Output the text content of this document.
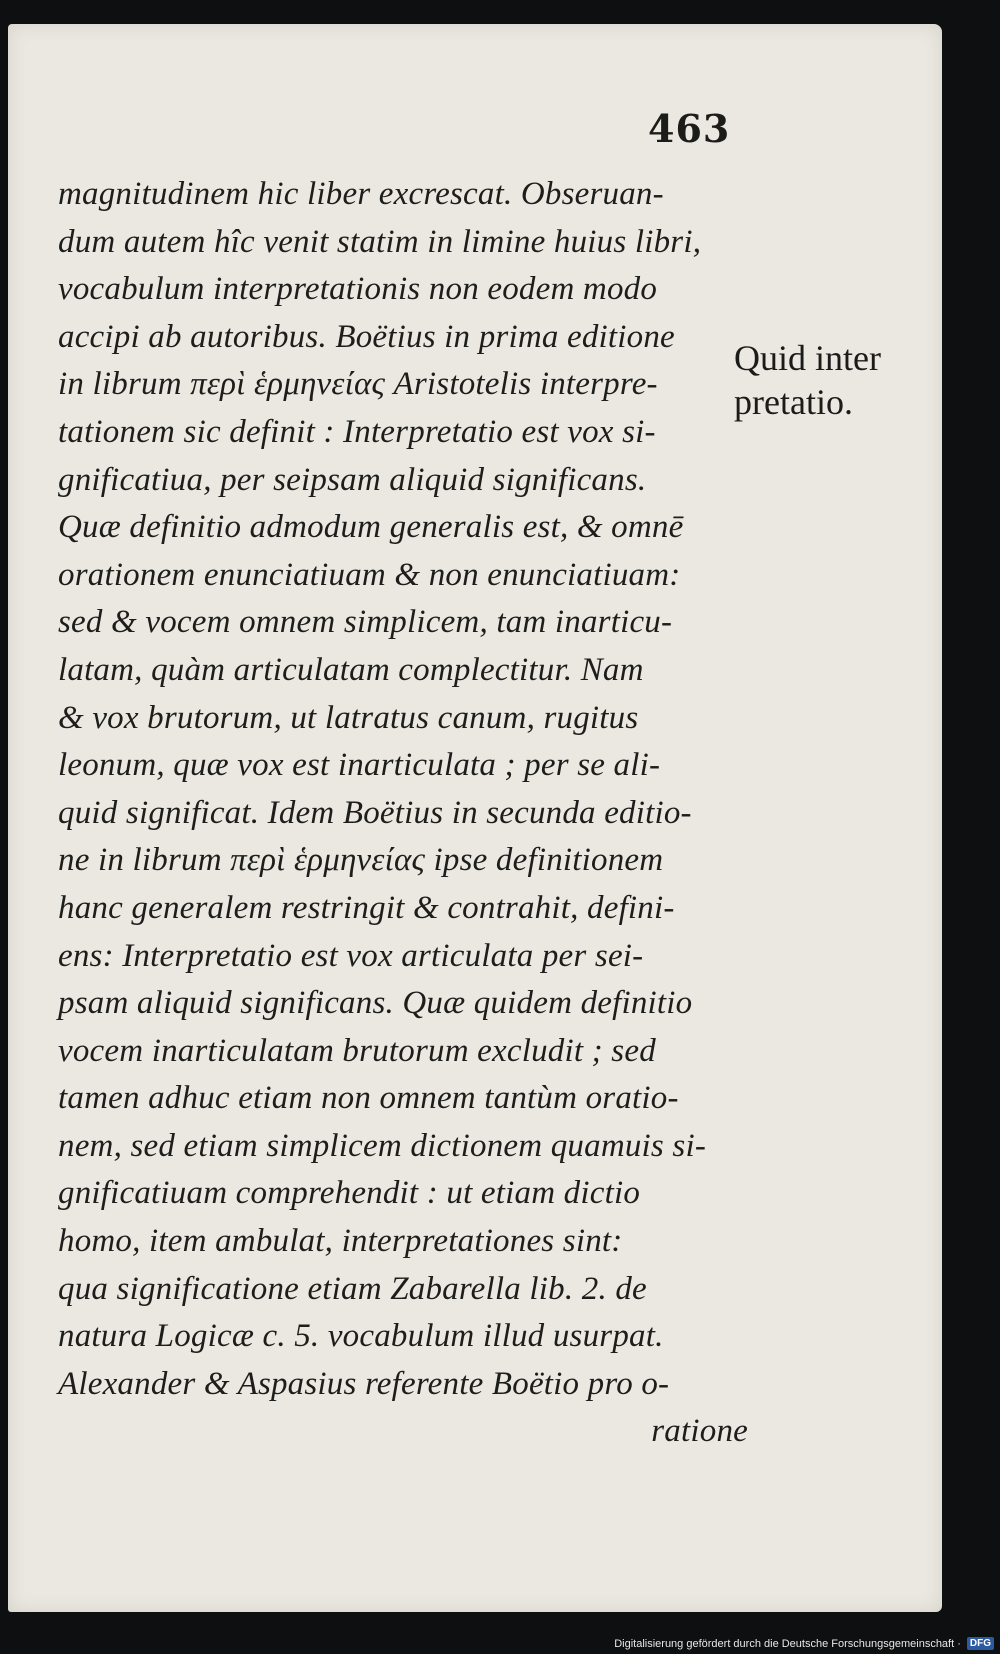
463
magnitudinem hic liber excrescat. Obseruan-
dum autem hîc venit statim in limine huius libri,
vocabulum interpretationis non eodem modo
accipi ab autoribus. Boëtius in prima editione
in librum περὶ ἑρμηνείας Aristotelis interpre-
tationem sic definit : Interpretatio est vox si-
gnificatiua, per seipsam aliquid significans.
Quæ definitio admodum generalis est, & omnē
orationem enunciatiuam & non enunciatiuam:
sed & vocem omnem simplicem, tam inarticu-
latam, quàm articulatam complectitur. Nam
& vox brutorum, ut latratus canum, rugitus
leonum, quæ vox est inarticulata ; per se ali-
quid significat. Idem Boëtius in secunda editio-
ne in librum περὶ ἑρμηνείας ipse definitionem
hanc generalem restringit & contrahit, defini-
ens: Interpretatio est vox articulata per sei-
psam aliquid significans. Quæ quidem definitio
vocem inarticulatam brutorum excludit ; sed
tamen adhuc etiam non omnem tantùm oratio-
nem, sed etiam simplicem dictionem quamuis si-
gnificatiuam comprehendit : ut etiam dictio
homo, item ambulat, interpretationes sint:
qua significatione etiam Zabarella lib. 2. de
natura Logicæ c. 5. vocabulum illud usurpat.
Alexander & Aspasius referente Boëtio pro o-
ratione
Quid inter
pretatio.
Digitalisierung gefördert durch die Deutsche Forschungsgemeinschaft · DFG
